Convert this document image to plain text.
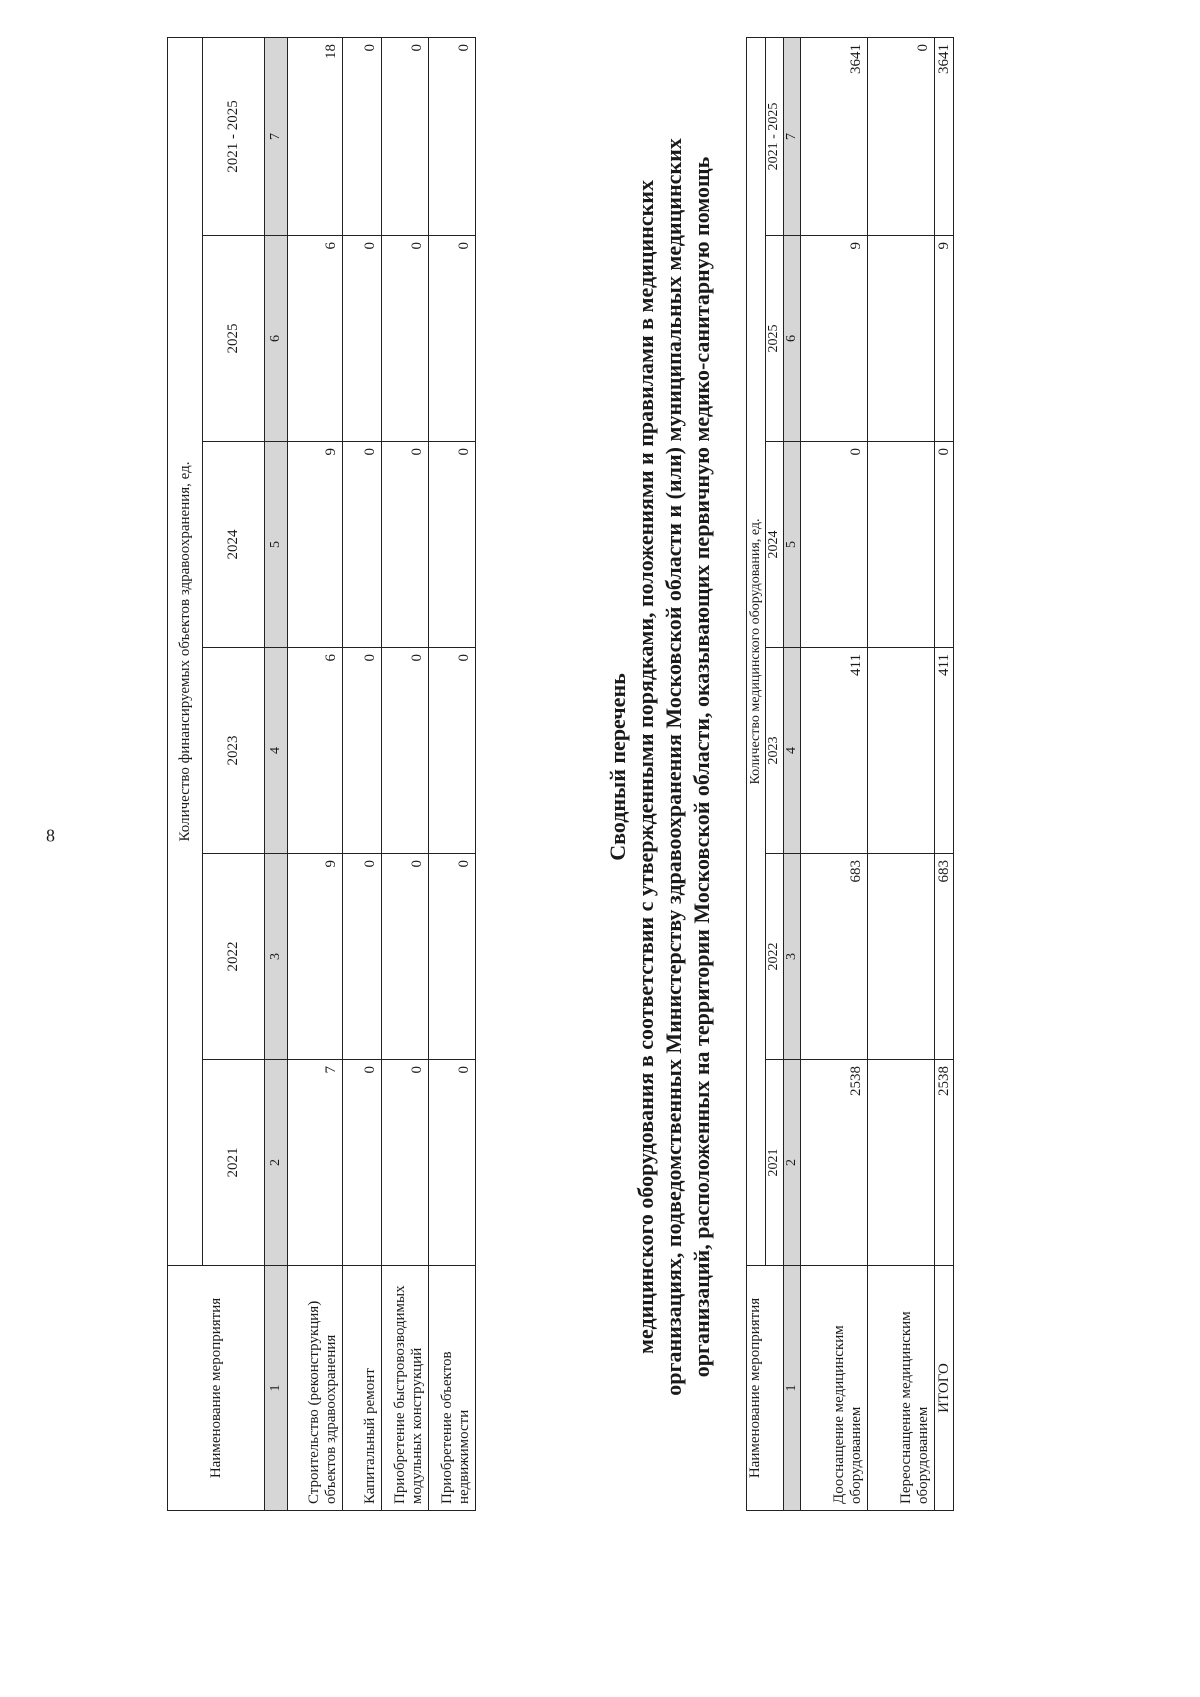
8
Наименование мероприятия	Количество финансируемых объектов здравоохранения, ед.					
	2021	2022	2023	2024	2025	2021 - 2025
1	2	3	4	5	6	7
Строительство (реконструкция) объектов здравоохранения	7	9	6	9	6	18
Капитальный ремонт	0	0	0	0	0	0
Приобретение быстровозводимых модульных конструкций	0	0	0	0	0	0
Приобретение объектов недвижимости	0	0	0	0	0	0

Сводный перечень медицинского оборудования в соответствии с утвержденными порядками, положениями и правилами в медицинских организациях, подведомственных Министерству здравоохранения Московской области и (или) муниципальных медицинских организаций, расположенных на территории Московской области, оказывающих первичную медико-санитарную помощь

Наименование мероприятия	Количество медицинского оборудования, ед.					
	2021	2022	2023	2024	2025	2021 - 2025
1	2	3	4	5	6	7
Дооснащение медицинским оборудованием	2538	683	411	0	9	3641
Переоснащение медицинским оборудованием						0
ИТОГО	2538	683	411	0	9	3641
